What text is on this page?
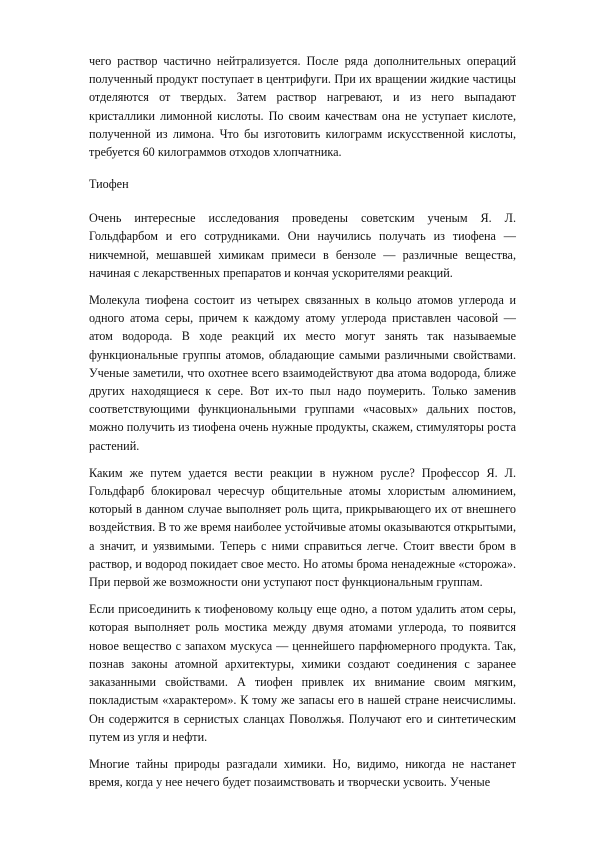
чего раствор частично нейтрализуется. После ряда дополнительных операций полученный продукт поступает в центрифуги. При их вращении жидкие частицы отделяются от твердых. Затем раствор нагревают, и из него выпадают кристаллики лимонной кислоты. По своим качествам она не уступает кислоте, полученной из лимона. Что бы изготовить килограмм искусственной кислоты, требуется 60 килограммов отходов хлопчатника.

Тиофен

Очень интересные исследования проведены советским ученым Я. Л. Гольдфарбом и его сотрудниками. Они научились получать из тиофена — никчемной, мешавшей химикам примеси в бензоле — различные вещества, начиная с лекарственных препаратов и кончая ускорителями реакций.

Молекула тиофена состоит из четырех связанных в кольцо атомов углерода и одного атома серы, причем к каждому атому углерода приставлен часовой — атом водорода. В ходе реакций их место могут занять так называемые функциональные группы атомов, обладающие самыми различными свойствами. Ученые заметили, что охотнее всего взаимодействуют два атома водорода, ближе других находящиеся к сере. Вот их-то пыл надо поумерить. Только заменив соответствующими функциональными группами «часовых» дальних постов, можно получить из тиофена очень нужные продукты, скажем, стимуляторы роста растений.

Каким же путем удается вести реакции в нужном русле? Профессор Я. Л. Гольдфарб блокировал чересчур общительные атомы хлористым алюминием, который в данном случае выполняет роль щита, прикрывающего их от внешнего воздействия. В то же время наиболее устойчивые атомы оказываются открытыми, а значит, и уязвимыми. Теперь с ними справиться легче. Стоит ввести бром в раствор, и водород покидает свое место. Но атомы брома ненадежные «сторожа». При первой же возможности они уступают пост функциональным группам.

Если присоединить к тиофеновому кольцу еще одно, а потом удалить атом серы, которая выполняет роль мостика между двумя атомами углерода, то появится новое вещество с запахом мускуса — ценнейшего парфюмерного продукта. Так, познав законы атомной архитектуры, химики создают соединения с заранее заказанными свойствами. А тиофен привлек их внимание своим мягким, покладистым «характером». К тому же запасы его в нашей стране неисчислимы. Он содержится в сернистых сланцах Поволжья. Получают его и синтетическим путем из угля и нефти.

Многие тайны природы разгадали химики. Но, видимо, никогда не настанет время, когда у нее нечего будет позаимствовать и творчески усвоить. Ученые
